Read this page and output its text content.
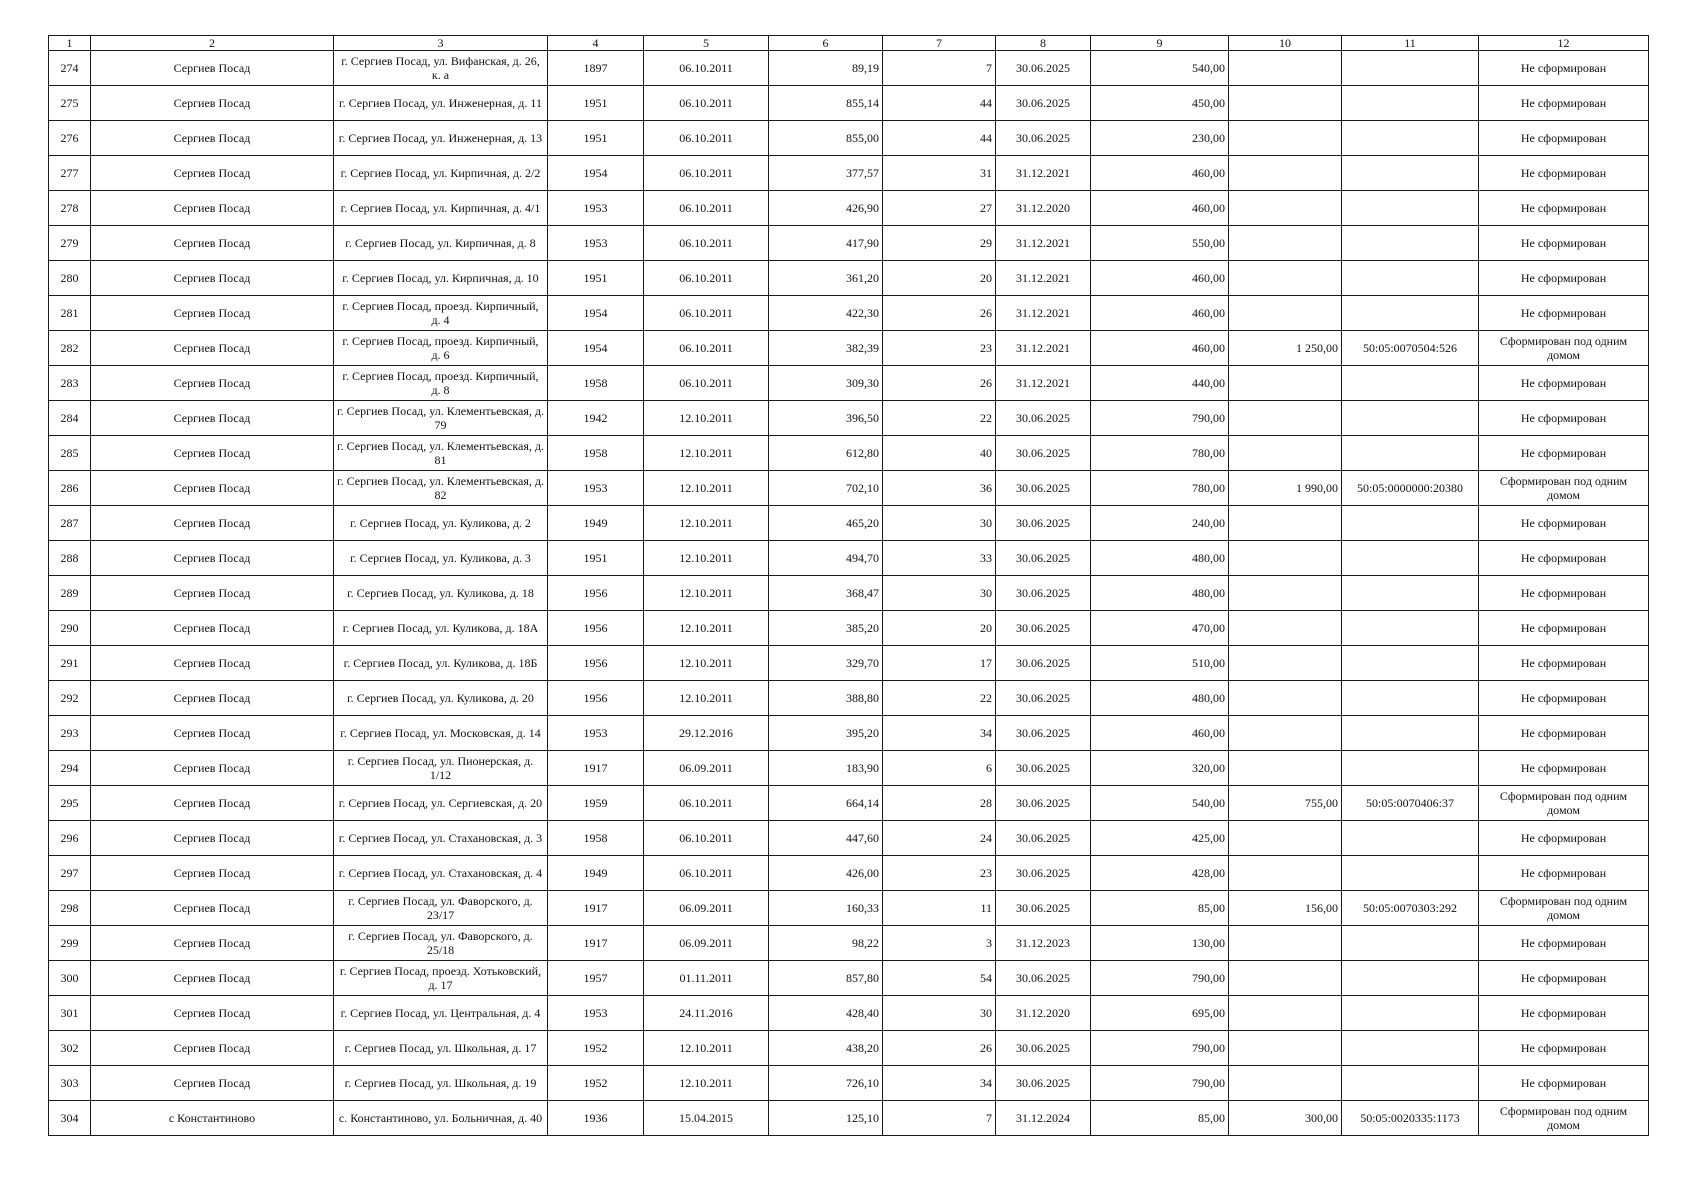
1	2	3	4	5	6	7	8	9	10	11	12
274	Сергиев Посад	г. Сергиев Посад, ул. Вифанская, д. 26, к. а	1897	06.10.2011	89,19	7	30.06.2025	540,00			Не сформирован
275	Сергиев Посад	г. Сергиев Посад, ул. Инженерная, д. 11	1951	06.10.2011	855,14	44	30.06.2025	450,00			Не сформирован
276	Сергиев Посад	г. Сергиев Посад, ул. Инженерная, д. 13	1951	06.10.2011	855,00	44	30.06.2025	230,00			Не сформирован
277	Сергиев Посад	г. Сергиев Посад, ул. Кирпичная, д. 2/2	1954	06.10.2011	377,57	31	31.12.2021	460,00			Не сформирован
278	Сергиев Посад	г. Сергиев Посад, ул. Кирпичная, д. 4/1	1953	06.10.2011	426,90	27	31.12.2020	460,00			Не сформирован
279	Сергиев Посад	г. Сергиев Посад, ул. Кирпичная, д. 8	1953	06.10.2011	417,90	29	31.12.2021	550,00			Не сформирован
280	Сергиев Посад	г. Сергиев Посад, ул. Кирпичная, д. 10	1951	06.10.2011	361,20	20	31.12.2021	460,00			Не сформирован
281	Сергиев Посад	г. Сергиев Посад, проезд. Кирпичный, д. 4	1954	06.10.2011	422,30	26	31.12.2021	460,00			Не сформирован
282	Сергиев Посад	г. Сергиев Посад, проезд. Кирпичный, д. 6	1954	06.10.2011	382,39	23	31.12.2021	460,00	1 250,00	50:05:0070504:526	Сформирован под одним домом
283	Сергиев Посад	г. Сергиев Посад, проезд. Кирпичный, д. 8	1958	06.10.2011	309,30	26	31.12.2021	440,00			Не сформирован
284	Сергиев Посад	г. Сергиев Посад, ул. Клементьевская, д. 79	1942	12.10.2011	396,50	22	30.06.2025	790,00			Не сформирован
285	Сергиев Посад	г. Сергиев Посад, ул. Клементьевская, д. 81	1958	12.10.2011	612,80	40	30.06.2025	780,00			Не сформирован
286	Сергиев Посад	г. Сергиев Посад, ул. Клементьевская, д. 82	1953	12.10.2011	702,10	36	30.06.2025	780,00	1 990,00	50:05:0000000:20380	Сформирован под одним домом
287	Сергиев Посад	г. Сергиев Посад, ул. Куликова, д. 2	1949	12.10.2011	465,20	30	30.06.2025	240,00			Не сформирован
288	Сергиев Посад	г. Сергиев Посад, ул. Куликова, д. 3	1951	12.10.2011	494,70	33	30.06.2025	480,00			Не сформирован
289	Сергиев Посад	г. Сергиев Посад, ул. Куликова, д. 18	1956	12.10.2011	368,47	30	30.06.2025	480,00			Не сформирован
290	Сергиев Посад	г. Сергиев Посад, ул. Куликова, д. 18А	1956	12.10.2011	385,20	20	30.06.2025	470,00			Не сформирован
291	Сергиев Посад	г. Сергиев Посад, ул. Куликова, д. 18Б	1956	12.10.2011	329,70	17	30.06.2025	510,00			Не сформирован
292	Сергиев Посад	г. Сергиев Посад, ул. Куликова, д. 20	1956	12.10.2011	388,80	22	30.06.2025	480,00			Не сформирован
293	Сергиев Посад	г. Сергиев Посад, ул. Московская, д. 14	1953	29.12.2016	395,20	34	30.06.2025	460,00			Не сформирован
294	Сергиев Посад	г. Сергиев Посад, ул. Пионерская, д. 1/12	1917	06.09.2011	183,90	6	30.06.2025	320,00			Не сформирован
295	Сергиев Посад	г. Сергиев Посад, ул. Сергиевская, д. 20	1959	06.10.2011	664,14	28	30.06.2025	540,00	755,00	50:05:0070406:37	Сформирован под одним домом
296	Сергиев Посад	г. Сергиев Посад, ул. Стахановская, д. 3	1958	06.10.2011	447,60	24	30.06.2025	425,00			Не сформирован
297	Сергиев Посад	г. Сергиев Посад, ул. Стахановская, д. 4	1949	06.10.2011	426,00	23	30.06.2025	428,00			Не сформирован
298	Сергиев Посад	г. Сергиев Посад, ул. Фаворского, д. 23/17	1917	06.09.2011	160,33	11	30.06.2025	85,00	156,00	50:05:0070303:292	Сформирован под одним домом
299	Сергиев Посад	г. Сергиев Посад, ул. Фаворского, д. 25/18	1917	06.09.2011	98,22	3	31.12.2023	130,00			Не сформирован
300	Сергиев Посад	г. Сергиев Посад, проезд. Хотьковский, д. 17	1957	01.11.2011	857,80	54	30.06.2025	790,00			Не сформирован
301	Сергиев Посад	г. Сергиев Посад, ул. Центральная, д. 4	1953	24.11.2016	428,40	30	31.12.2020	695,00			Не сформирован
302	Сергиев Посад	г. Сергиев Посад, ул. Школьная, д. 17	1952	12.10.2011	438,20	26	30.06.2025	790,00			Не сформирован
303	Сергиев Посад	г. Сергиев Посад, ул. Школьная, д. 19	1952	12.10.2011	726,10	34	30.06.2025	790,00			Не сформирован
304	с Константиново	с. Константиново, ул. Больничная, д. 40	1936	15.04.2015	125,10	7	31.12.2024	85,00	300,00	50:05:0020335:1173	Сформирован под одним домом
